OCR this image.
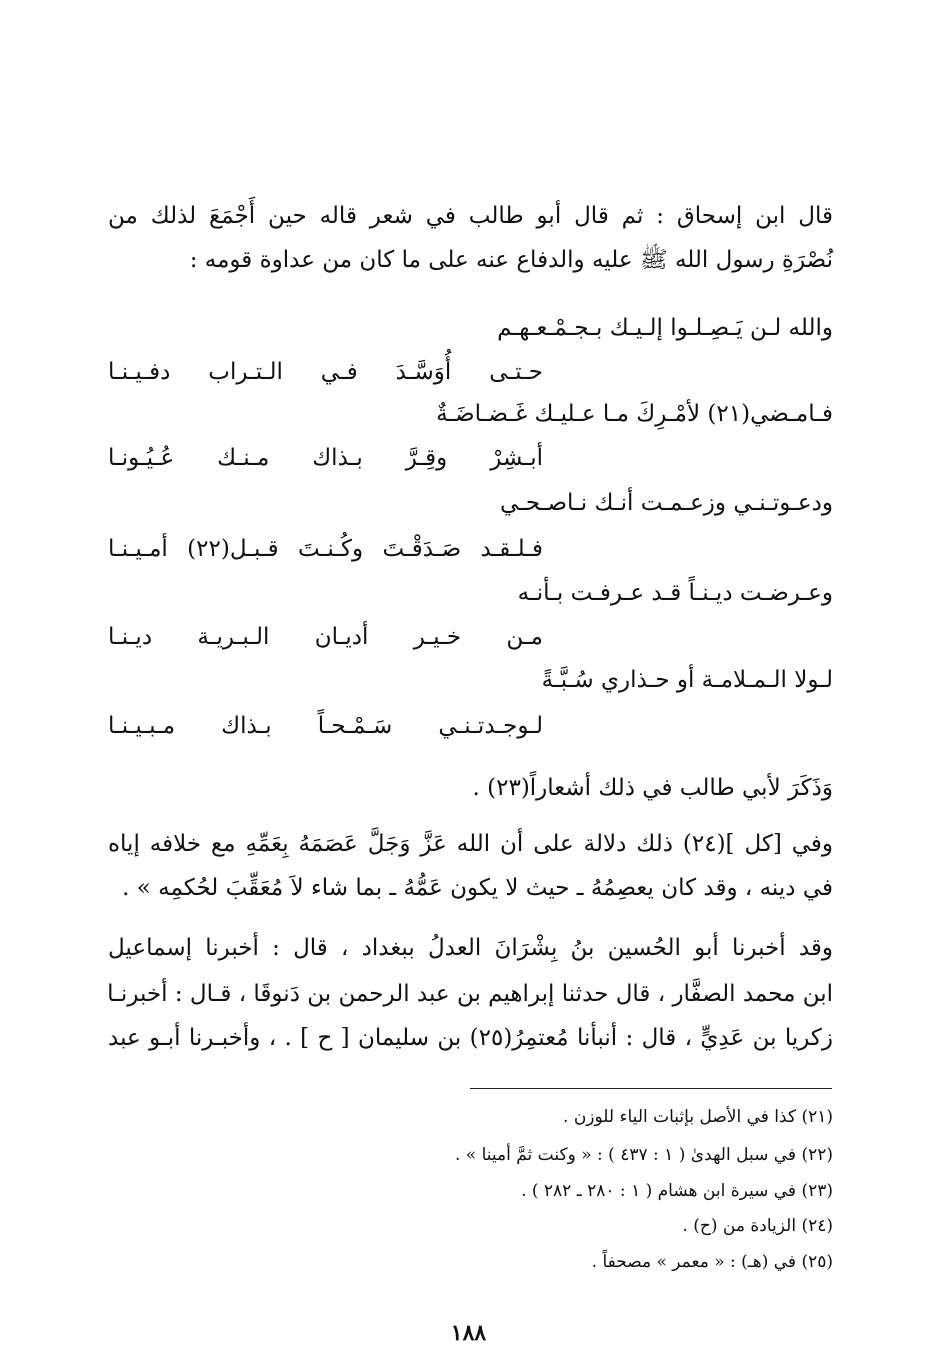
قال ابن إسحاق : ثم قال أبو طالب في شعر قاله حين أَجْمَعَ لذلك من
نُصْرَةِ رسول الله ﷺ عليه والدفاع عنه على ما كان من عداوة قومه :
والله لـن يَـصِـلـوا إلـيـك بـجـمْـعـهـم
حـتـى أُوَسَّـدَ فـي الـتـراب دفـيـنـا
فـامـضي(٢١) لأمْـرِكَ مـا عـليـك غَـضـاضَـةٌ
أبـشِرْ وقِـرَّ بـذاك مـنـك عُـيُـونـا
ودعـوتـنـي وزعـمـت أنـك نـاصـحـي
فـلـقـد صَـدَقْـتَ وكُـنـتَ قـبـل(٢٢) أمـيـنـا
وعـرضـت ديـنـاً قـد عـرفـت بـأنـه
مـن خـيـر أديـان الـبـريـة ديـنـا
لـولا الـمـلامـة أو حـذاري سُـبَّـةً
لـوجـدتـنـي سَـمْـحـاً بـذاك مـبـيـنـا
وَذَكَرَ لأبي طالب في ذلك أشعاراً(٢٣) .
وفي [كل ](٢٤) ذلك دلالة على أن الله عَزَّ وَجَلَّ عَصَمَهُ بِعَمِّهِ مع خلافه إياه
في دينه ، وقد كان يعصِمُهُ ـ حيث لا يكون عَمُّهُ ـ بما شاء لاَ مُعَقِّبَ لحُكمِه » .
وقد أخبرنا أبو الحُسين بنُ بِشْرَانَ العدلُ ببغداد ، قال : أخبرنا إسماعيل
ابن محمد الصفَّار ، قال حدثنا إبراهيم بن عبد الرحمن بن دَنوقَا ، قـال : أخبرنـا
زكريا بن عَدِيٍّ ، قال : أنبأنا مُعتمِرُ(٢٥) بن سليمان [ ح ] . ، وأخبـرنا أبـو عبد
(٢١) كذا في الأصل بإثبات الياء للوزن .
(٢٢) في سبل الهدىٰ ( ١ : ٤٣٧ ) : « وكنت ثمَّ أمينا » .
(٢٣) في سيرة ابن هشام ( ١ : ٢٨٠ ـ ٢٨٢ ) .
(٢٤) الزيادة من (ح) .
(٢٥) في (هـ) : « معمر » مصحفاً .
١٨٨
